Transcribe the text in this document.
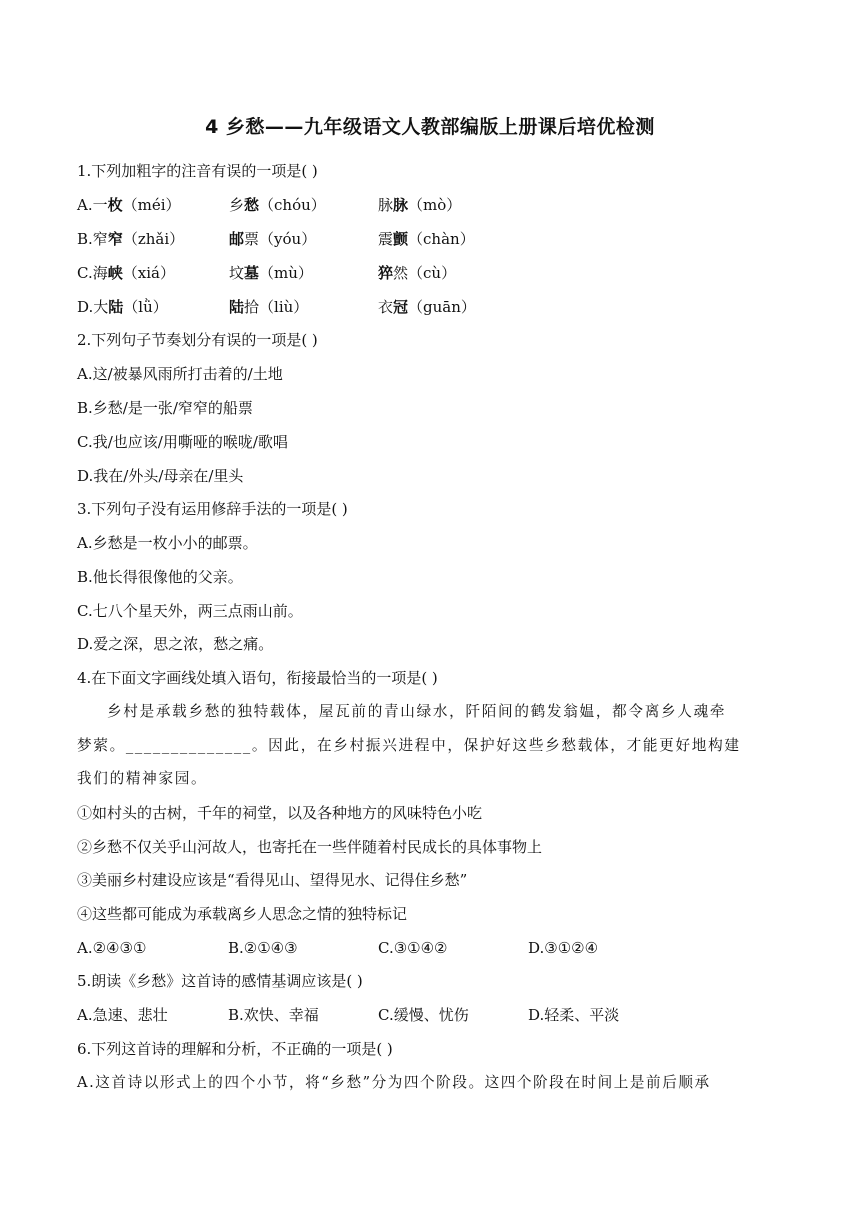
4 乡愁——九年级语文人教部编版上册课后培优检测
1.下列加粗字的注音有误的一项是( )
A.一枚（méi）	乡愁（chóu）	脉脉（mò）
B.窄窄（zhǎi）	邮票（yóu）	震颤（chàn）
C.海峡（xiá）	坟墓（mù）	猝然（cù）
D.大陆（lǜ）	陆拾（liù）	衣冠（guān）
2.下列句子节奏划分有误的一项是( )
A.这/被暴风雨所打击着的/土地
B.乡愁/是一张/窄窄的船票
C.我/也应该/用嘶哑的喉咙/歌唱
D.我在/外头/母亲在/里头
3.下列句子没有运用修辞手法的一项是( )
A.乡愁是一枚小小的邮票。
B.他长得很像他的父亲。
C.七八个星天外，两三点雨山前。
D.爱之深，思之浓，愁之痛。
4.在下面文字画线处填入语句，衔接最恰当的一项是( )
乡村是承载乡愁的独特载体，屋瓦前的青山绿水，阡陌间的鹤发翁媪，都令离乡人魂牵
梦萦。______________。因此，在乡村振兴进程中，保护好这些乡愁载体，才能更好地构建
我们的精神家园。
①如村头的古树，千年的祠堂，以及各种地方的风味特色小吃
②乡愁不仅关乎山河故人，也寄托在一些伴随着村民成长的具体事物上
③美丽乡村建设应该是“看得见山、望得见水、记得住乡愁”
④这些都可能成为承载离乡人思念之情的独特标记
A.②④③①	B.②①④③	C.③①④②	D.③①②④
5.朗读《乡愁》这首诗的感情基调应该是( )
A.急速、悲壮	B.欢快、幸福	C.缓慢、忧伤	D.轻柔、平淡
6.下列这首诗的理解和分析，不正确的一项是( )
A.这首诗以形式上的四个小节，将“乡愁”分为四个阶段。这四个阶段在时间上是前后顺承
